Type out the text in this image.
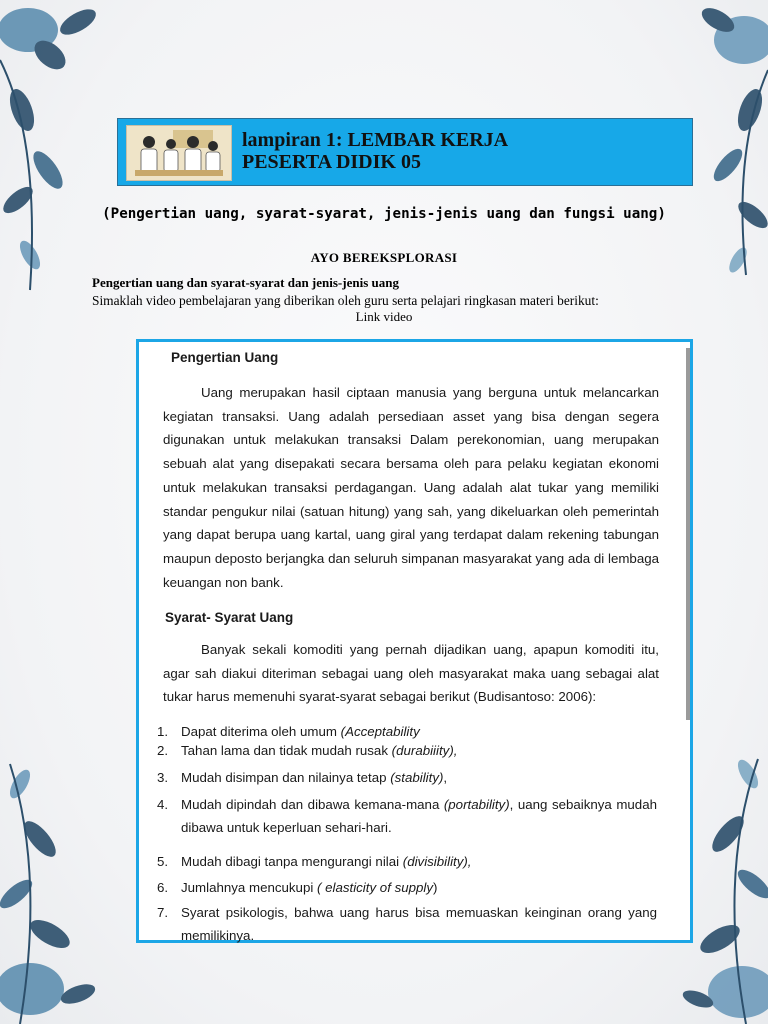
lampiran 1: LEMBAR KERJA
PESERTA DIDIK 05
(Pengertian uang, syarat-syarat, jenis-jenis uang dan fungsi uang)
AYO BEREKSPLORASI
Pengertian uang dan syarat-syarat dan jenis-jenis uang
Simaklah video pembelajaran yang diberikan oleh guru serta pelajari ringkasan materi berikut:
Link video
Pengertian Uang
Uang merupakan hasil ciptaan manusia yang berguna untuk melancarkan kegiatan transaksi. Uang adalah persediaan asset yang bisa dengan segera digunakan untuk melakukan transaksi Dalam perekonomian, uang merupakan sebuah alat yang disepakati secara bersama oleh para pelaku kegiatan ekonomi untuk melakukan transaksi perdagangan. Uang adalah alat tukar yang memiliki standar pengukur nilai (satuan hitung) yang sah, yang dikeluarkan oleh pemerintah yang dapat berupa uang kartal, uang giral yang terdapat dalam rekening tabungan maupun deposto berjangka dan seluruh simpanan masyarakat yang ada di lembaga keuangan non bank.
Syarat- Syarat Uang
Banyak sekali komoditi yang pernah dijadikan uang, apapun komoditi itu, agar sah diakui diteriman sebagai uang oleh masyarakat maka uang sebagai alat tukar harus memenuhi syarat-syarat sebagai berikut (Budisantoso: 2006):
1. Dapat diterima oleh umum (Acceptability
2. Tahan lama dan tidak mudah rusak (durabiiity),
3. Mudah disimpan dan nilainya tetap (stability),
4. Mudah dipindah dan dibawa kemana-mana (portability), uang sebaiknya mudah dibawa untuk keperluan sehari-hari.
5. Mudah dibagi tanpa mengurangi nilai (divisibility),
6. Jumlahnya mencukupi ( elasticity of supply)
7. Syarat psikologis, bahwa uang harus bisa memuaskan keinginan orang yang memilikinya.
